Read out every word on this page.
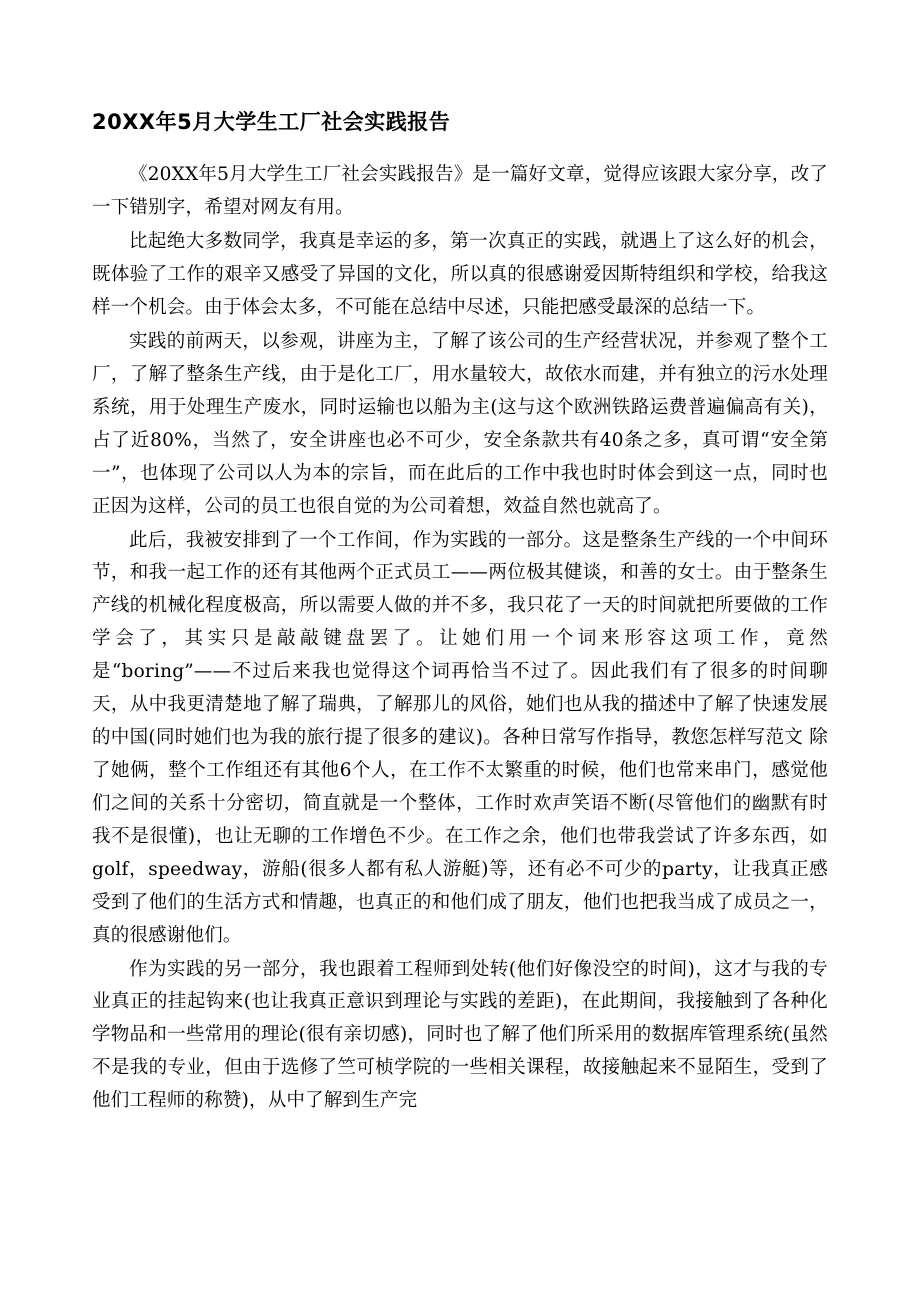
20XX年5月大学生工厂社会实践报告

《20XX年5月大学生工厂社会实践报告》是一篇好文章，觉得应该跟大家分享，改了一下错别字，希望对网友有用。

比起绝大多数同学，我真是幸运的多，第一次真正的实践，就遇上了这么好的机会，既体验了工作的艰辛又感受了异国的文化，所以真的很感谢爱因斯特组织和学校，给我这样一个机会。由于体会太多，不可能在总结中尽述，只能把感受最深的总结一下。

实践的前两天，以参观，讲座为主，了解了该公司的生产经营状况，并参观了整个工厂，了解了整条生产线，由于是化工厂，用水量较大，故依水而建，并有独立的污水处理系统，用于处理生产废水，同时运输也以船为主(这与这个欧洲铁路运费普遍偏高有关)，占了近80%，当然了，安全讲座也必不可少，安全条款共有40条之多，真可谓“安全第一”，也体现了公司以人为本的宗旨，而在此后的工作中我也时时体会到这一点，同时也正因为这样，公司的员工也很自觉的为公司着想，效益自然也就高了。

此后，我被安排到了一个工作间，作为实践的一部分。这是整条生产线的一个中间环节，和我一起工作的还有其他两个正式员工——两位极其健谈，和善的女士。由于整条生产线的机械化程度极高，所以需要人做的并不多，我只花了一天的时间就把所要做的工作学会了，其实只是敲敲键盘罢了。让她们用一个词来形容这项工作，竟然是“boring”——不过后来我也觉得这个词再恰当不过了。因此我们有了很多的时间聊天，从中我更清楚地了解了瑞典，了解那儿的风俗，她们也从我的描述中了解了快速发展的中国(同时她们也为我的旅行提了很多的建议)。各种日常写作指导，教您怎样写范文 除了她俩，整个工作组还有其他6个人，在工作不太繁重的时候，他们也常来串门，感觉他们之间的关系十分密切，简直就是一个整体，工作时欢声笑语不断(尽管他们的幽默有时我不是很懂)，也让无聊的工作增色不少。在工作之余，他们也带我尝试了许多东西，如golf，speedway，游船(很多人都有私人游艇)等，还有必不可少的party，让我真正感受到了他们的生活方式和情趣，也真正的和他们成了朋友，他们也把我当成了成员之一，真的很感谢他们。

作为实践的另一部分，我也跟着工程师到处转(他们好像没空的时间)，这才与我的专业真正的挂起钩来(也让我真正意识到理论与实践的差距)，在此期间，我接触到了各种化学物品和一些常用的理论(很有亲切感)，同时也了解了他们所采用的数据库管理系统(虽然不是我的专业，但由于选修了竺可桢学院的一些相关课程，故接触起来不显陌生，受到了他们工程师的称赞)，从中了解到生产完
